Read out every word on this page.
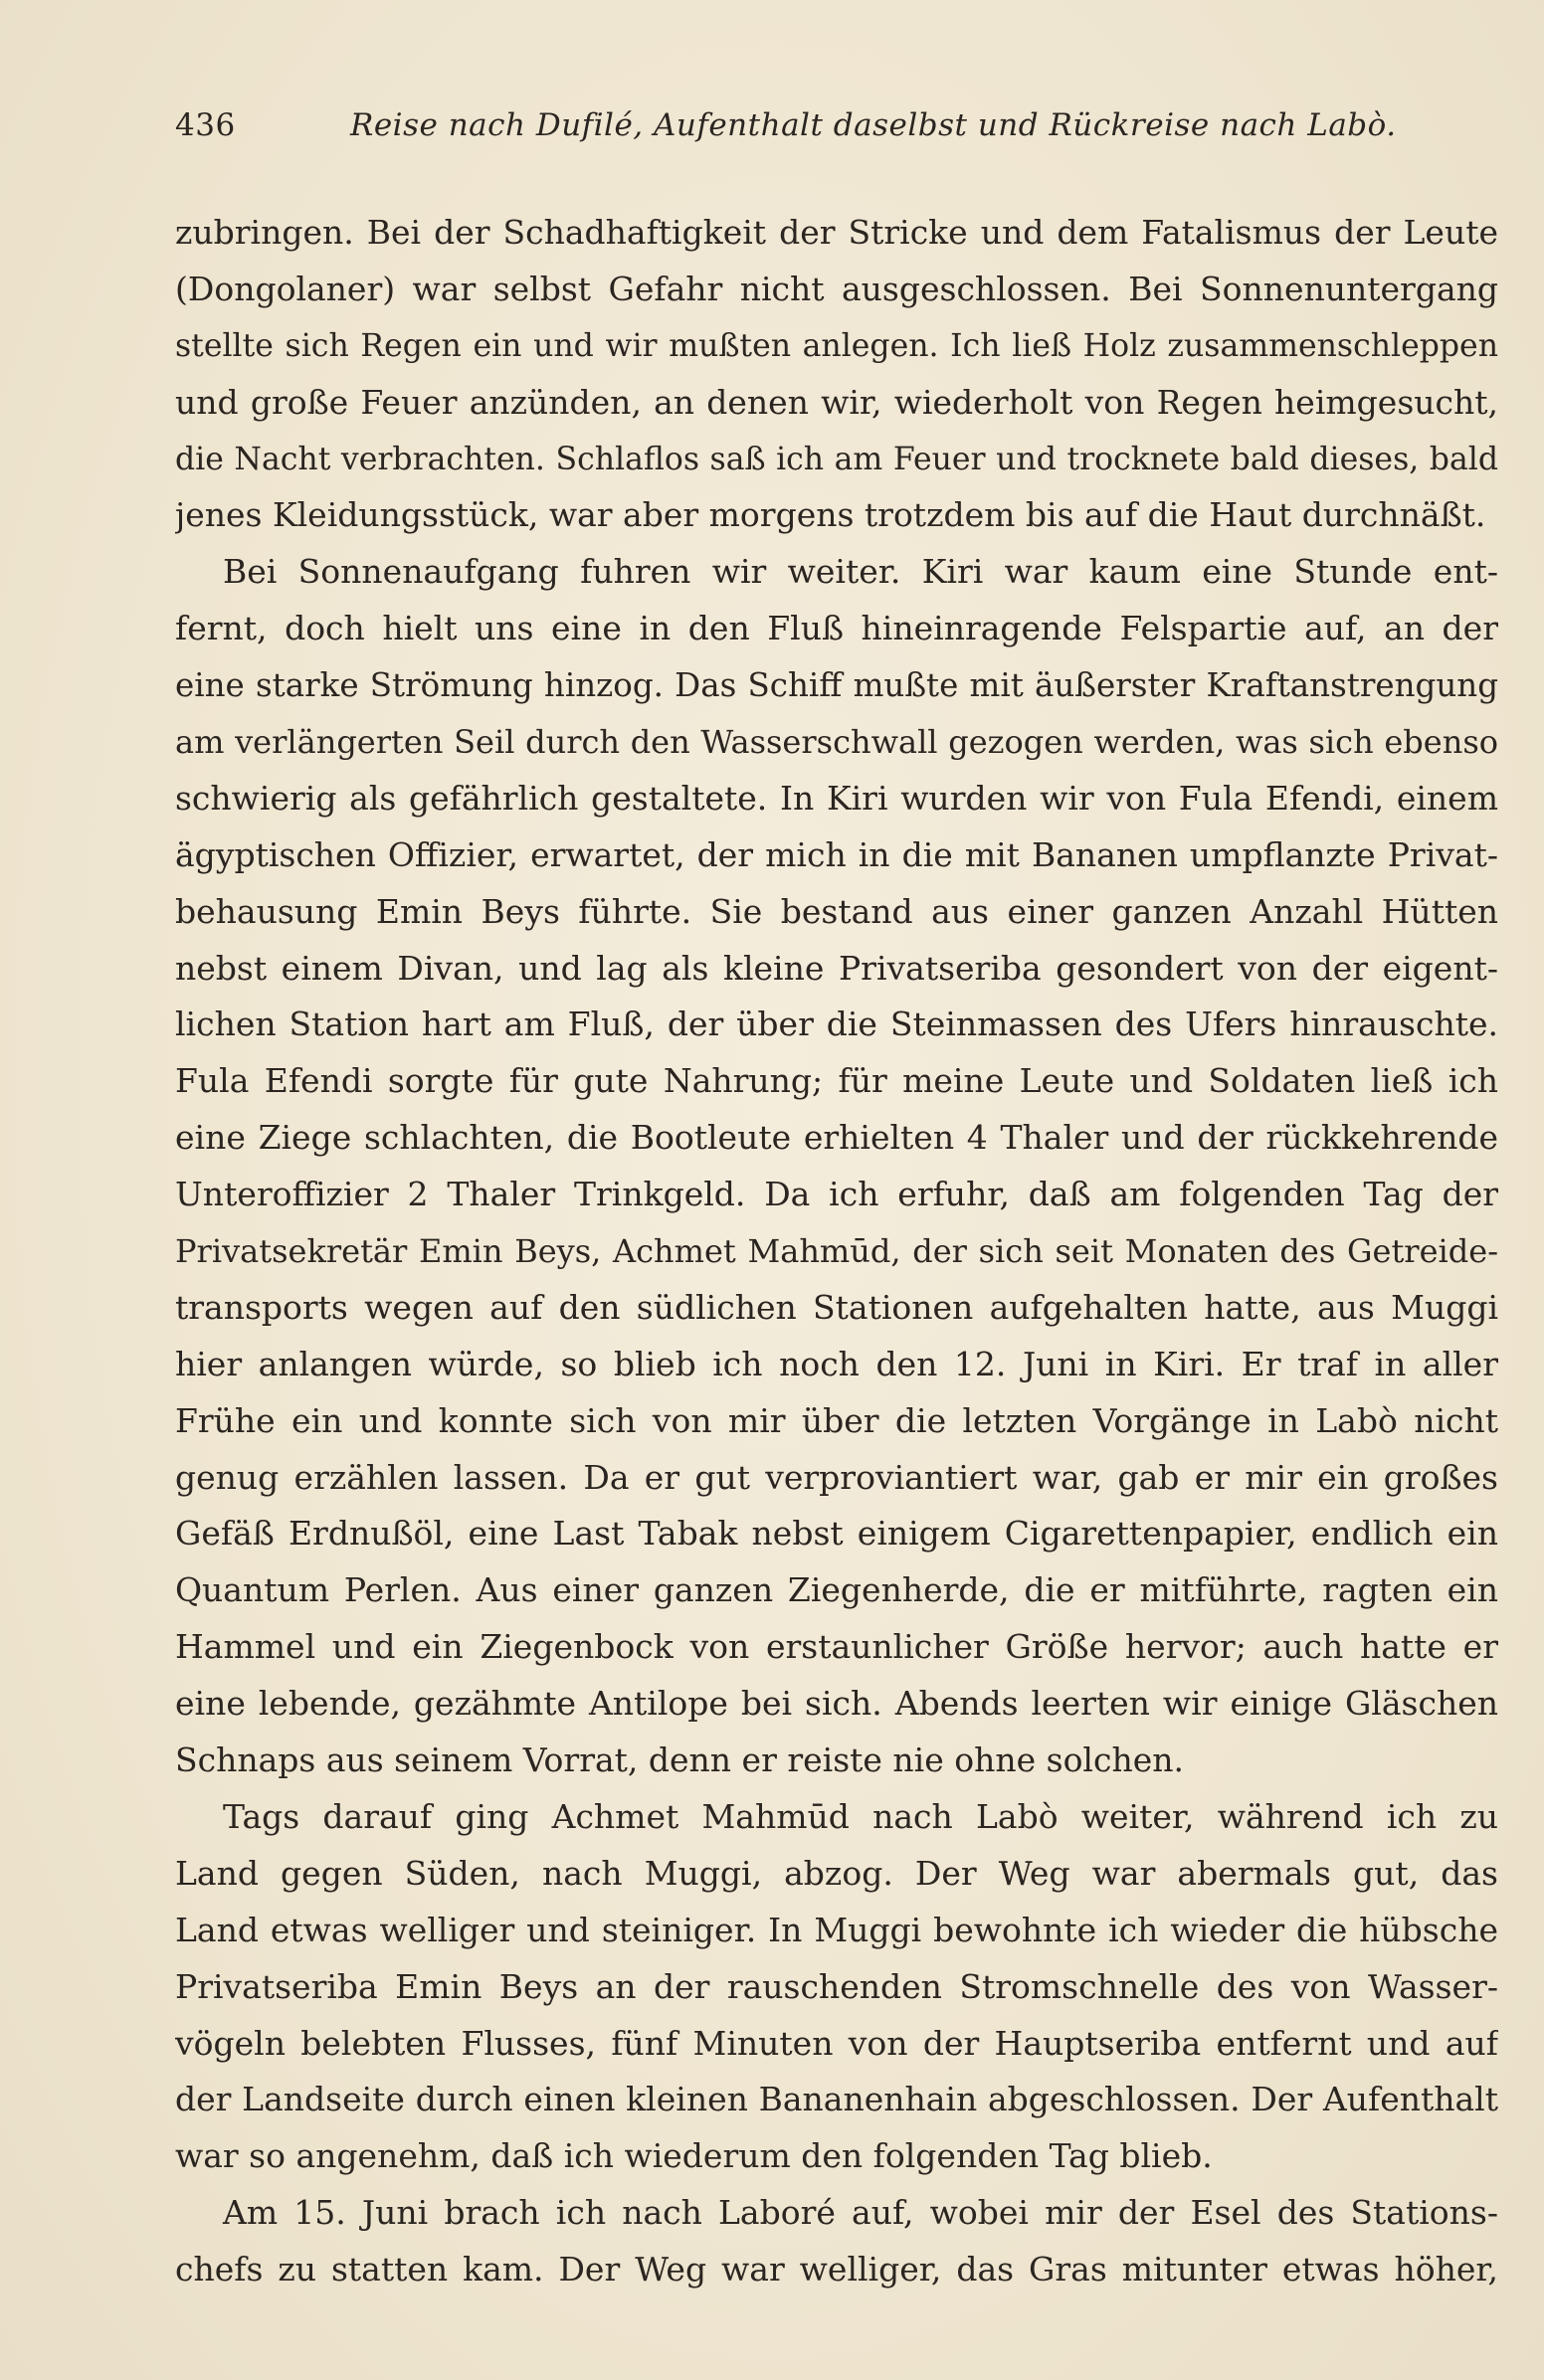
436	Reise nach Dufilé, Aufenthalt daselbst und Rückreise nach Labò.
zubringen. Bei der Schadhaftigkeit der Stricke und dem Fatalismus der Leute
(Dongolaner) war selbst Gefahr nicht ausgeschlossen. Bei Sonnenuntergang
stellte sich Regen ein und wir mußten anlegen. Ich ließ Holz zusammenschleppen
und große Feuer anzünden, an denen wir, wiederholt von Regen heimgesucht,
die Nacht verbrachten. Schlaflos saß ich am Feuer und trocknete bald dieses, bald
jenes Kleidungsstück, war aber morgens trotzdem bis auf die Haut durchnäßt.
Bei Sonnenaufgang fuhren wir weiter. Kiri war kaum eine Stunde ent-
fernt, doch hielt uns eine in den Fluß hineinragende Felspartie auf, an der
eine starke Strömung hinzog. Das Schiff mußte mit äußerster Kraftanstrengung
am verlängerten Seil durch den Wasserschwall gezogen werden, was sich ebenso
schwierig als gefährlich gestaltete. In Kiri wurden wir von Fula Efendi, einem
ägyptischen Offizier, erwartet, der mich in die mit Bananen umpflanzte Privat-
behausung Emin Beys führte. Sie bestand aus einer ganzen Anzahl Hütten
nebst einem Divan, und lag als kleine Privatseriba gesondert von der eigent-
lichen Station hart am Fluß, der über die Steinmassen des Ufers hinrauschte.
Fula Efendi sorgte für gute Nahrung; für meine Leute und Soldaten ließ ich
eine Ziege schlachten, die Bootleute erhielten 4 Thaler und der rückkehrende
Unteroffizier 2 Thaler Trinkgeld. Da ich erfuhr, daß am folgenden Tag der
Privatsekretär Emin Beys, Achmet Mahmūd, der sich seit Monaten des Getreide-
transports wegen auf den südlichen Stationen aufgehalten hatte, aus Muggi
hier anlangen würde, so blieb ich noch den 12. Juni in Kiri. Er traf in aller
Frühe ein und konnte sich von mir über die letzten Vorgänge in Labò nicht
genug erzählen lassen. Da er gut verproviantiert war, gab er mir ein großes
Gefäß Erdnußöl, eine Last Tabak nebst einigem Cigarettenpapier, endlich ein
Quantum Perlen. Aus einer ganzen Ziegenherde, die er mitführte, ragten ein
Hammel und ein Ziegenbock von erstaunlicher Größe hervor; auch hatte er
eine lebende, gezähmte Antilope bei sich. Abends leerten wir einige Gläschen
Schnaps aus seinem Vorrat, denn er reiste nie ohne solchen.
Tags darauf ging Achmet Mahmūd nach Labò weiter, während ich zu
Land gegen Süden, nach Muggi, abzog. Der Weg war abermals gut, das
Land etwas welliger und steiniger. In Muggi bewohnte ich wieder die hübsche
Privatseriba Emin Beys an der rauschenden Stromschnelle des von Wasser-
vögeln belebten Flusses, fünf Minuten von der Hauptseriba entfernt und auf
der Landseite durch einen kleinen Bananenhain abgeschlossen. Der Aufenthalt
war so angenehm, daß ich wiederum den folgenden Tag blieb.
Am 15. Juni brach ich nach Laboré auf, wobei mir der Esel des Stations-
chefs zu statten kam. Der Weg war welliger, das Gras mitunter etwas höher,
